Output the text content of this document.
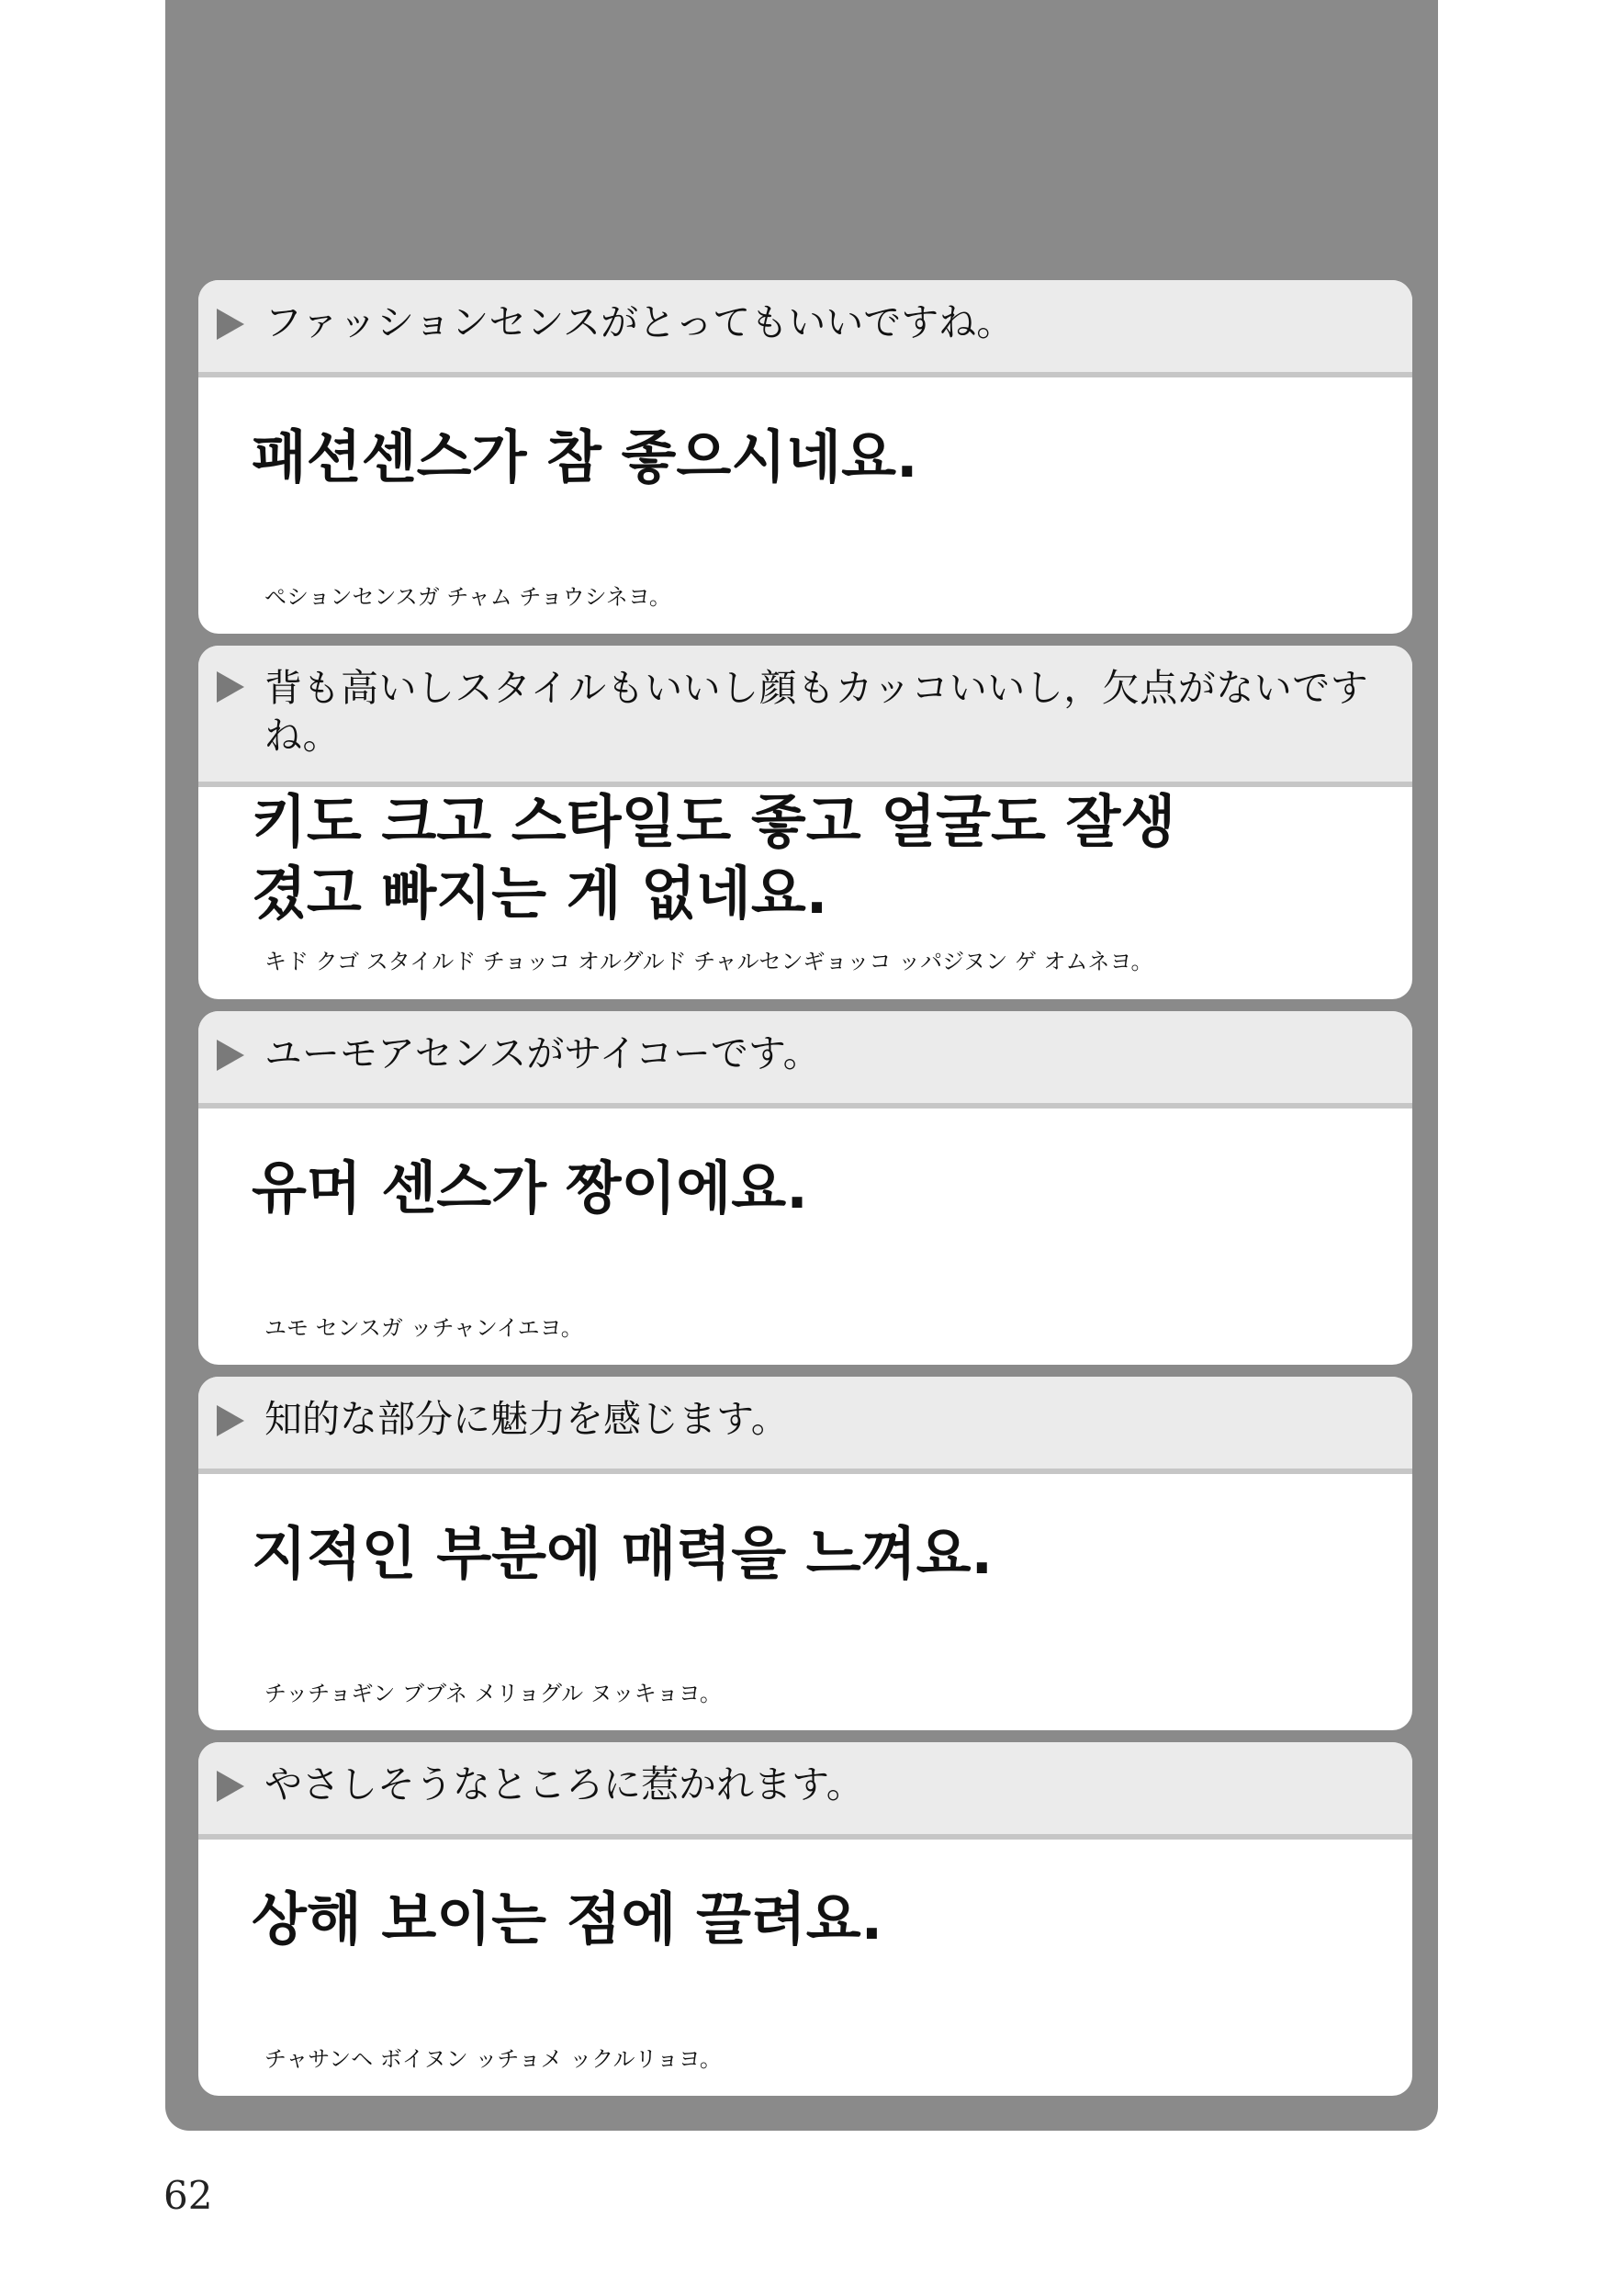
ファッションセンスがとってもいいですね。
패션센스가 참 좋으시네요.
ペションセンスガ チャム チョウシネヨ。
背も高いしスタイルもいいし顔もカッコいいし，欠点がないですね。
키도 크고 스타일도 좋고 얼굴도 잘생겼고 빠지는 게 없네요.
キド クゴ スタイルド チョッコ オルグルド チャルセンギョッコ ッパジヌン ゲ オムネヨ。
ユーモアセンスがサイコーです。
유머 센스가 짱이에요.
ユモ センスガ ッチャンイエヨ。
知的な部分に魅力を感じます。
지적인 부분에 매력을 느껴요.
チッチョギン ブブネ メリョグル ヌッキョヨ。
やさしそうなところに惹かれます。
상해 보이는 점에 끌려요.
チャサンヘ ボイヌン ッチョメ ックルリョヨ。
62
